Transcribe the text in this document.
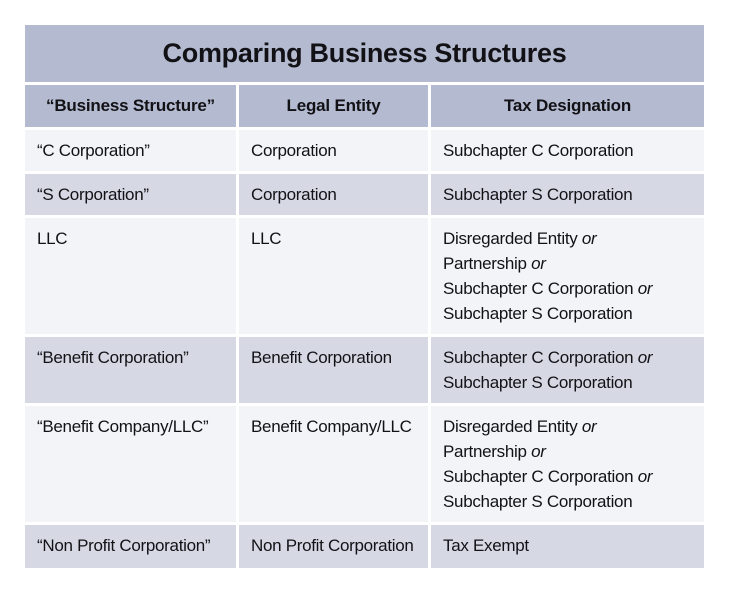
Comparing Business Structures		
“Business Structure”	Legal Entity	Tax Designation
“C Corporation”	Corporation	Subchapter C Corporation

“S Corporation”	Corporation	Subchapter S Corporation

LLC	LLC	Disregarded Entity or
Partnership or
Subchapter C Corporation or
Subchapter S Corporation

“Benefit Corporation”	Benefit Corporation	Subchapter C Corporation or
Subchapter S Corporation

“Benefit Company/LLC”	Benefit Company/LLC	Disregarded Entity or
Partnership or
Subchapter C Corporation or
Subchapter S Corporation

“Non Profit Corporation”	Non Profit Corporation	Tax Exempt
